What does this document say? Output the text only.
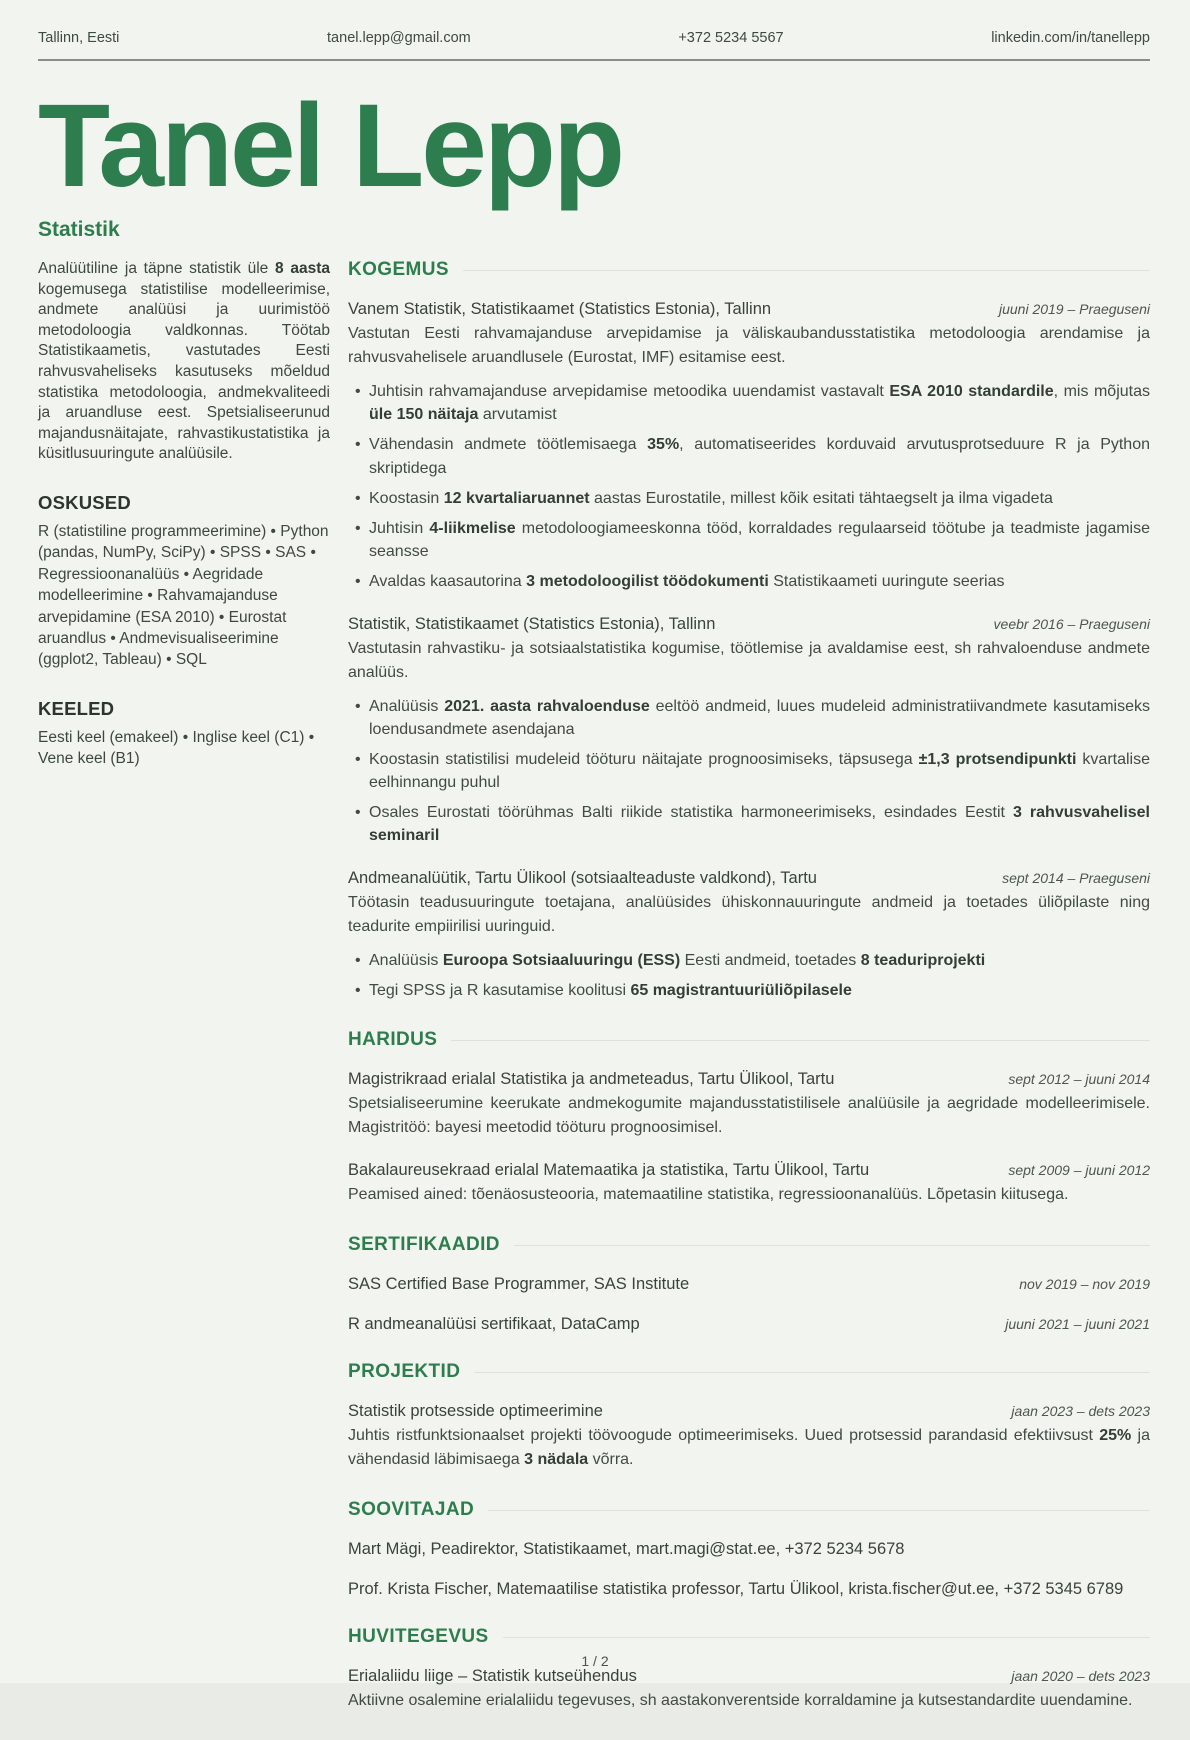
Tallinn, Eesti	tanel.lepp@gmail.com	+372 5234 5567	linkedin.com/in/tanellepp
Tanel Lepp
Statistik

Analüütiline ja täpne statistik üle 8 aasta kogemusega statistilise modelleerimise, andmete analüüsi ja uurimistöö metodoloogia valdkonnas. Töötab Statistikaametis, vastutades Eesti rahvusvaheliseks kasutuseks mõeldud statistika metodoloogia, andmekvaliteedi ja aruandluse eest. Spetsialiseerunud majandusnäitajate, rahvastikustatistika ja küsitlusuuringute analüüsile.

OSKUSED

R (statistiline programmeerimine) • Python (pandas, NumPy, SciPy) • SPSS • SAS • Regressioonanalüüs • Aegridade modelleerimine • Rahvamajanduse arvepidamine (ESA 2010) • Eurostat aruandlus • Andmevisualiseerimine (ggplot2, Tableau) • SQL

KEELED

Eesti keel (emakeel) • Inglise keel (C1) • Vene keel (B1)

KOGEMUS
Vanem Statistik, Statistikaamet (Statistics Estonia), Tallinn	juuni 2019 – Praeguseni

Vastutan Eesti rahvamajanduse arvepidamise ja väliskaubandusstatistika metodoloogia arendamise ja rahvusvahelisele aruandlusele (Eurostat, IMF) esitamise eest.

• Juhtisin rahvamajanduse arvepidamise metoodika uuendamist vastavalt ESA 2010 standardile, mis mõjutas üle 150 näitaja arvutamist
• Vähendasin andmete töötlemisaega 35%, automatiseerides korduvaid arvutusprotseduure R ja Python skriptidega
• Koostasin 12 kvartaliaruannet aastas Eurostatile, millest kõik esitati tähtaegselt ja ilma vigadeta
• Juhtisin 4-liikmelise metodoloogiameeskonna tööd, korraldades regulaarseid töötube ja teadmiste jagamise seansse
• Avaldas kaasautorina 3 metodoloogilist töödokumenti Statistikaameti uuringute seerias
Statistik, Statistikaamet (Statistics Estonia), Tallinn	veebr 2016 – Praeguseni

Vastutasin rahvastiku- ja sotsiaalstatistika kogumise, töötlemise ja avaldamise eest, sh rahvaloenduse andmete analüüs.

• Analüüsis 2021. aasta rahvaloenduse eeltöö andmeid, luues mudeleid administratiivandmete kasutamiseks loendusandmete asendajana
• Koostasin statistilisi mudeleid tööturu näitajate prognoosimiseks, täpsusega ±1,3 protsendipunkti kvartalise eelhinnangu puhul
• Osales Eurostati töörühmas Balti riikide statistika harmoneerimiseks, esindades Eestit 3 rahvusvahelisel seminaril
Andmeanalüütik, Tartu Ülikool (sotsiaalteaduste valdkond), Tartu	sept 2014 – Praeguseni

Töötasin teadusuuringute toetajana, analüüsides ühiskonnauuringute andmeid ja toetades üliõpilaste ning teadurite empiirilisi uuringuid.

• Analüüsis Euroopa Sotsiaaluuringu (ESS) Eesti andmeid, toetades 8 teaduriprojekti
• Tegi SPSS ja R kasutamise koolitusi 65 magistrantuuriüliõpilasele
HARIDUS
Magistrikraad erialal Statistika ja andmeteadus, Tartu Ülikool, Tartu	sept 2012 – juuni 2014

Spetsialiseerumine keerukate andmekogumite majandusstatistilisele analüüsile ja aegridade modelleerimisele. Magistritöö: bayesi meetodid tööturu prognoosimisel.

Bakalaureusekraad erialal Matemaatika ja statistika, Tartu Ülikool, Tartu	sept 2009 – juuni 2012

Peamised ained: tõenäosusteooria, matemaatiline statistika, regressioonanalüüs. Lõpetasin kiitusega.

SERTIFIKAADID
SAS Certified Base Programmer, SAS Institute	nov 2019 – nov 2019
R andmeanalüüsi sertifikaat, DataCamp	juuni 2021 – juuni 2021
PROJEKTID
Statistik protsesside optimeerimine	jaan 2023 – dets 2023

Juhtis ristfunktsionaalset projekti töövoogude optimeerimiseks. Uued protsessid parandasid efektiivsust 25% ja vähendasid läbimisaega 3 nädala võrra.

SOOVITAJAD
Mart Mägi, Peadirektor, Statistikaamet, mart.magi@stat.ee, +372 5234 5678
Prof. Krista Fischer, Matemaatilise statistika professor, Tartu Ülikool, krista.fischer@ut.ee, +372 5345 6789
HUVITEGEVUS
Erialaliidu liige – Statistik kutseühendus	jaan 2020 – dets 2023

Aktiivne osalemine erialaliidu tegevuses, sh aastakonverentside korraldamine ja kutsestandardite uuendamine.

1 / 2
